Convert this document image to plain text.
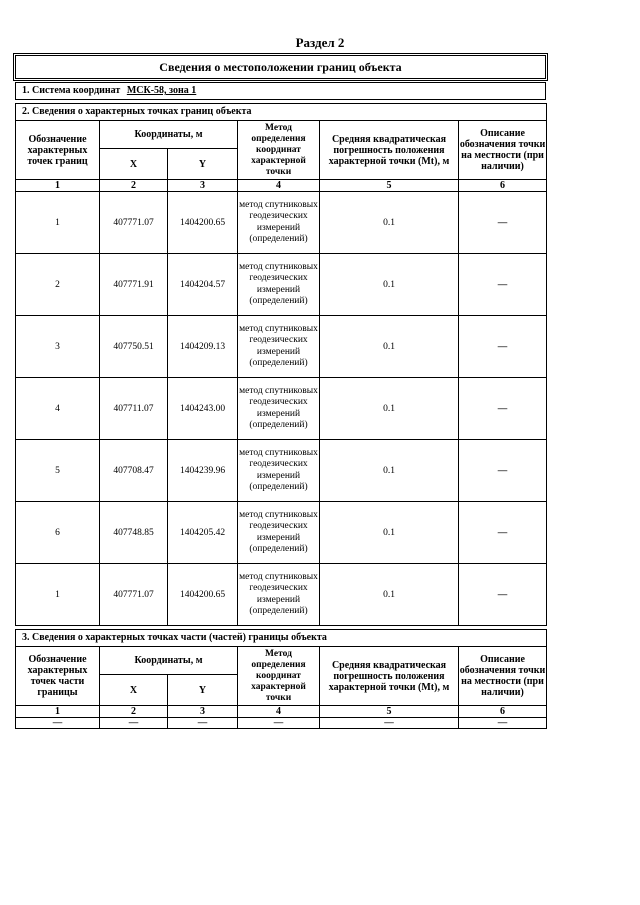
Раздел 2
Сведения о местоположении границ объекта
1. Система координат МСК-58, зона 1
2. Сведения о характерных точках границ объекта					
Обозначение характерных точек границ	Координаты, м		Метод определения координат характерной точки	Средняя квадратическая погрешность положения характерной точки (Mt), м	Описание обозначения точки на местности (при наличии)
	X	Y			
1	2	3	4	5	6
1	407771.07	1404200.65	метод спутниковых геодезических измерений (определений)	0.1	—
2	407771.91	1404204.57	метод спутниковых геодезических измерений (определений)	0.1	—
3	407750.51	1404209.13	метод спутниковых геодезических измерений (определений)	0.1	—
4	407711.07	1404243.00	метод спутниковых геодезических измерений (определений)	0.1	—
5	407708.47	1404239.96	метод спутниковых геодезических измерений (определений)	0.1	—
6	407748.85	1404205.42	метод спутниковых геодезических измерений (определений)	0.1	—
1	407771.07	1404200.65	метод спутниковых геодезических измерений (определений)	0.1	—
3. Сведения о характерных точках части (частей) границы объекта					
Обозначение характерных точек части границы	Координаты, м		Метод определения координат характерной точки	Средняя квадратическая погрешность положения характерной точки (Mt), м	Описание обозначения точки на местности (при наличии)
	X	Y			
1	2	3	4	5	6
—	—	—	—	—	—
